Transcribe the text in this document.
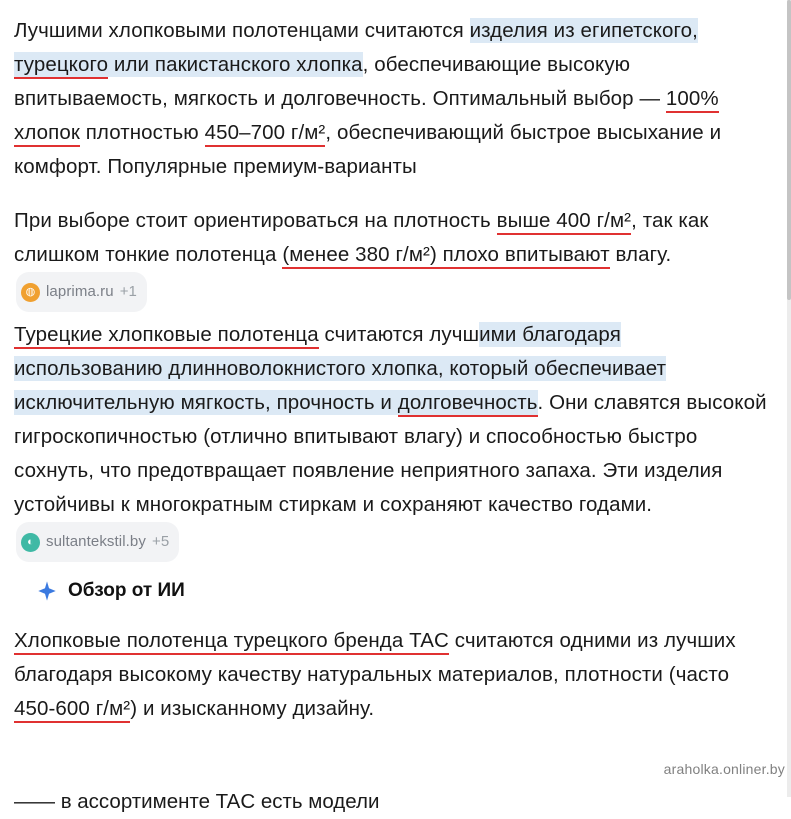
Лучшими хлопковыми полотенцами считаются изделия из египетского, турецкого или пакистанского хлопка, обеспечивающие высокую впитываемость, мягкость и долговечность. Оптимальный выбор — 100% хлопок плотностью 450–700 г/м², обеспечивающий быстрое высыхание и комфорт. Популярные премиум-варианты

При выборе стоит ориентироваться на плотность выше 400 г/м², так как слишком тонкие полотенца (менее 380 г/м²) плохо впитывают влагу.
◍ laprima.ru +1

Турецкие хлопковые полотенца считаются лучшими благодаря использованию длинноволокнистого хлопка, который обеспечивает исключительную мягкость, прочность и долговечность. Они славятся высокой гигроскопичностью (отлично впитывают влагу) и способностью быстро сохнуть, что предотвращает появление неприятного запаха. Эти изделия устойчивы к многократным стиркам и сохраняют качество годами.
◐ sultantekstil.by +5

Обзор от ИИ

Хлопковые полотенца турецкого бренда TAC считаются одними из лучших благодаря высокому качеству натуральных материалов, плотности (часто 450-600 г/м²) и изысканному дизайну.

—— в ассортименте TAC есть модели
araholka.onliner.by
